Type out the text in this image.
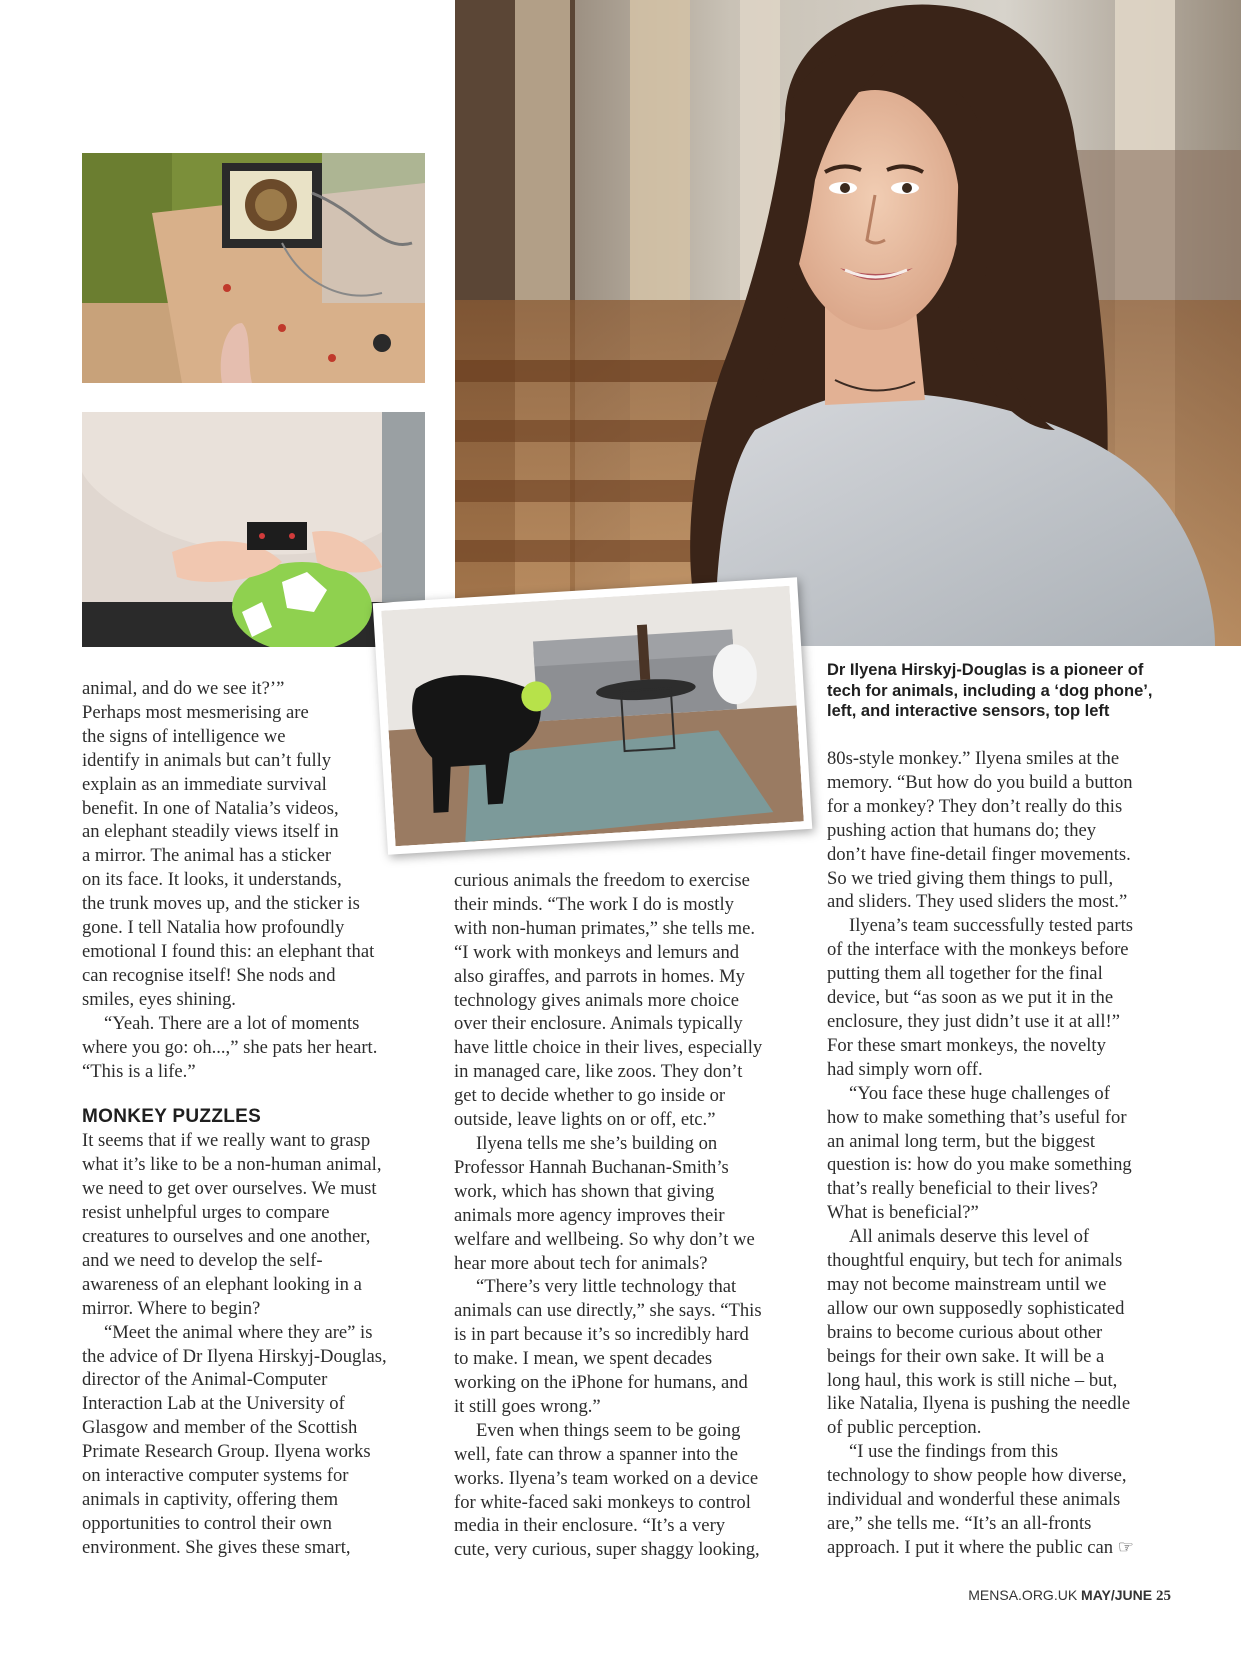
Dr Ilyena Hirskyj-Douglas is a pioneer of
tech for animals, including a ‘dog phone’,
left, and interactive sensors, top left

animal, and do we see it?’”
Perhaps most mesmerising are
the signs of intelligence we
identify in animals but can’t fully
explain as an immediate survival
benefit. In one of Natalia’s videos,
an elephant steadily views itself in
a mirror. The animal has a sticker
on its face. It looks, it understands,
the trunk moves up, and the sticker is
gone. I tell Natalia how profoundly
emotional I found this: an elephant that
can recognise itself! She nods and
smiles, eyes shining.

“Yeah. There are a lot of moments
where you go: oh...,” she pats her heart.
“This is a life.”

MONKEY PUZZLES

It seems that if we really want to grasp
what it’s like to be a non-human animal,
we need to get over ourselves. We must
resist unhelpful urges to compare
creatures to ourselves and one another,
and we need to develop the self-
awareness of an elephant looking in a
mirror. Where to begin?

“Meet the animal where they are” is
the advice of Dr Ilyena Hirskyj-Douglas,
director of the Animal-Computer
Interaction Lab at the University of
Glasgow and member of the Scottish
Primate Research Group. Ilyena works
on interactive computer systems for
animals in captivity, offering them
opportunities to control their own
environment. She gives these smart,

curious animals the freedom to exercise
their minds. “The work I do is mostly
with non-human primates,” she tells me.
“I work with monkeys and lemurs and
also giraffes, and parrots in homes. My
technology gives animals more choice
over their enclosure. Animals typically
have little choice in their lives, especially
in managed care, like zoos. They don’t
get to decide whether to go inside or
outside, leave lights on or off, etc.”

Ilyena tells me she’s building on
Professor Hannah Buchanan-Smith’s
work, which has shown that giving
animals more agency improves their
welfare and wellbeing. So why don’t we
hear more about tech for animals?

“There’s very little technology that
animals can use directly,” she says. “This
is in part because it’s so incredibly hard
to make. I mean, we spent decades
working on the iPhone for humans, and
it still goes wrong.”

Even when things seem to be going
well, fate can throw a spanner into the
works. Ilyena’s team worked on a device
for white-faced saki monkeys to control
media in their enclosure. “It’s a very
cute, very curious, super shaggy looking,

80s-style monkey.” Ilyena smiles at the
memory. “But how do you build a button
for a monkey? They don’t really do this
pushing action that humans do; they
don’t have fine-detail finger movements.
So we tried giving them things to pull,
and sliders. They used sliders the most.”

Ilyena’s team successfully tested parts
of the interface with the monkeys before
putting them all together for the final
device, but “as soon as we put it in the
enclosure, they just didn’t use it at all!”
For these smart monkeys, the novelty
had simply worn off.

“You face these huge challenges of
how to make something that’s useful for
an animal long term, but the biggest
question is: how do you make something
that’s really beneficial to their lives?
What is beneficial?”

All animals deserve this level of
thoughtful enquiry, but tech for animals
may not become mainstream until we
allow our own supposedly sophisticated
brains to become curious about other
beings for their own sake. It will be a
long haul, this work is still niche – but,
like Natalia, Ilyena is pushing the needle
of public perception.

“I use the findings from this
technology to show people how diverse,
individual and wonderful these animals
are,” she tells me. “It’s an all-fronts
approach. I put it where the public can ☞

MENSA.ORG.UK MAY/JUNE 25
